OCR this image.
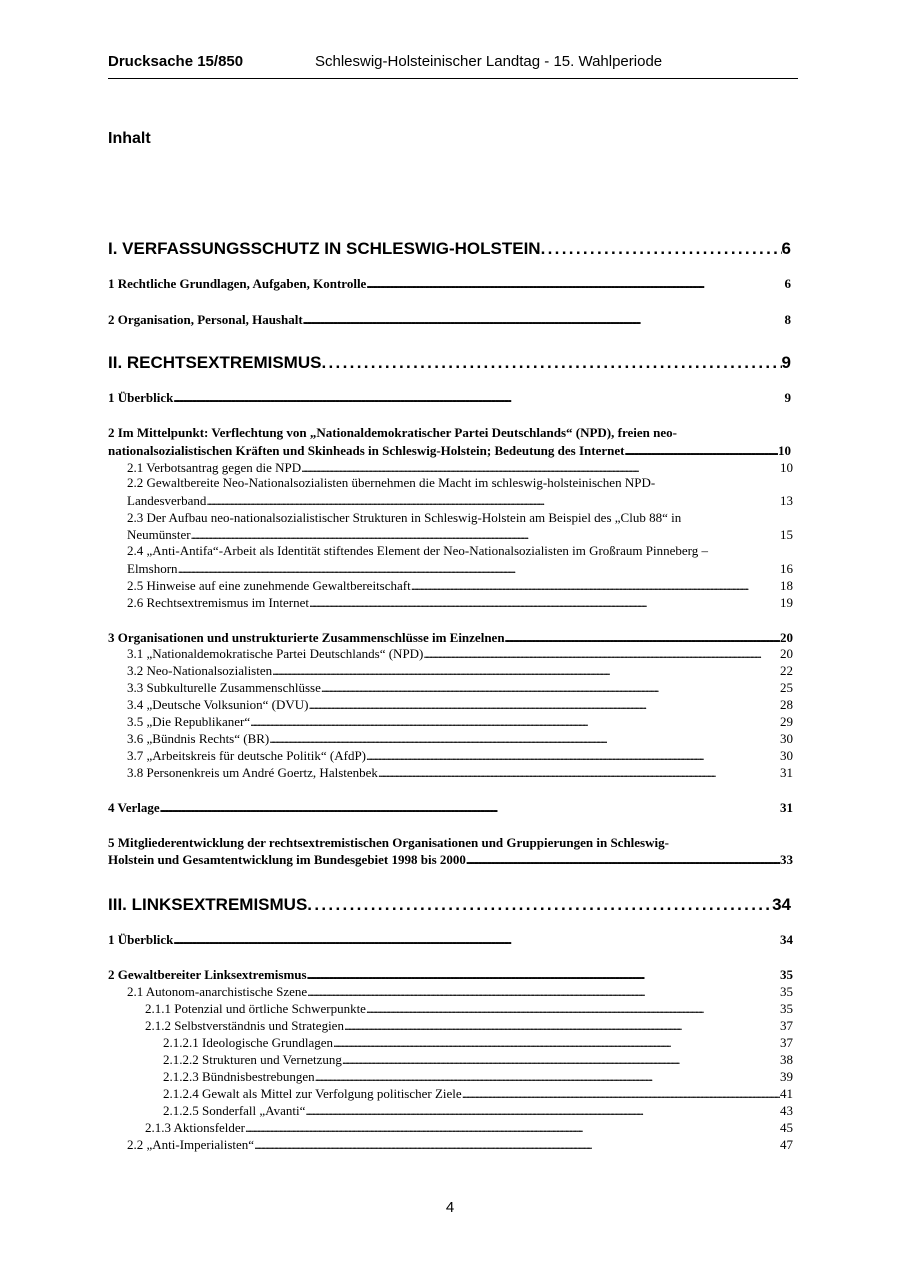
Drucksache 15/850	Schleswig-Holsteinischer Landtag - 15. Wahlperiode
Inhalt
I. VERFASSUNGSSCHUTZ IN SCHLESWIG-HOLSTEIN . . .	6
1 Rechtliche Grundlagen, Aufgaben, Kontrolle . . .	6
2 Organisation, Personal, Haushalt . . .	8
II. RECHTSEXTREMISMUS . . .	9
1 Überblick . . .	9
2 Im Mittelpunkt: Verflechtung von „Nationaldemokratischer Partei Deutschlands“ (NPD), freien neo-
nationalsozialistischen Kräften und Skinheads in Schleswig-Holstein; Bedeutung des Internet . . .	10
2.1 Verbotsantrag gegen die NPD . . .	10
2.2 Gewaltbereite Neo-Nationalsozialisten übernehmen die Macht im schleswig-holsteinischen NPD-
Landesverband . . .	13
2.3 Der Aufbau neo-nationalsozialistischer Strukturen in Schleswig-Holstein am Beispiel des „Club 88“ in
Neumünster . . .	15
2.4 „Anti-Antifa“-Arbeit als Identität stiftendes Element der Neo-Nationalsozialisten im Großraum Pinneberg –
Elmshorn . . .	16
2.5 Hinweise auf eine zunehmende Gewaltbereitschaft . . .	18
2.6 Rechtsextremismus im Internet . . .	19
3 Organisationen und unstrukturierte Zusammenschlüsse im Einzelnen . . .	20
3.1 „Nationaldemokratische Partei Deutschlands“ (NPD) . . .	20
3.2 Neo-Nationalsozialisten . . .	22
3.3 Subkulturelle Zusammenschlüsse . . .	25
3.4 „Deutsche Volksunion“ (DVU) . . .	28
3.5 „Die Republikaner“ . . .	29
3.6 „Bündnis Rechts“ (BR) . . .	30
3.7 „Arbeitskreis für deutsche Politik“ (AfdP) . . .	30
3.8 Personenkreis um André Goertz, Halstenbek . . .	31
4 Verlage . . .	31
5 Mitgliederentwicklung der rechtsextremistischen Organisationen und Gruppierungen in Schleswig-
Holstein und Gesamtentwicklung im Bundesgebiet 1998 bis 2000 . . .	33
III. LINKSEXTREMISMUS . . .	34
1 Überblick . . .	34
2 Gewaltbereiter Linksextremismus . . .	35
2.1 Autonom-anarchistische Szene . . .	35
2.1.1 Potenzial und örtliche Schwerpunkte . . .	35
2.1.2 Selbstverständnis und Strategien . . .	37
2.1.2.1 Ideologische Grundlagen . . .	37
2.1.2.2 Strukturen und Vernetzung . . .	38
2.1.2.3 Bündnisbestrebungen . . .	39
2.1.2.4 Gewalt als Mittel zur Verfolgung politischer Ziele . . .	41
2.1.2.5 Sonderfall „Avanti“ . . .	43
2.1.3 Aktionsfelder . . .	45
2.2 „Anti-Imperialisten“ . . .	47
4
